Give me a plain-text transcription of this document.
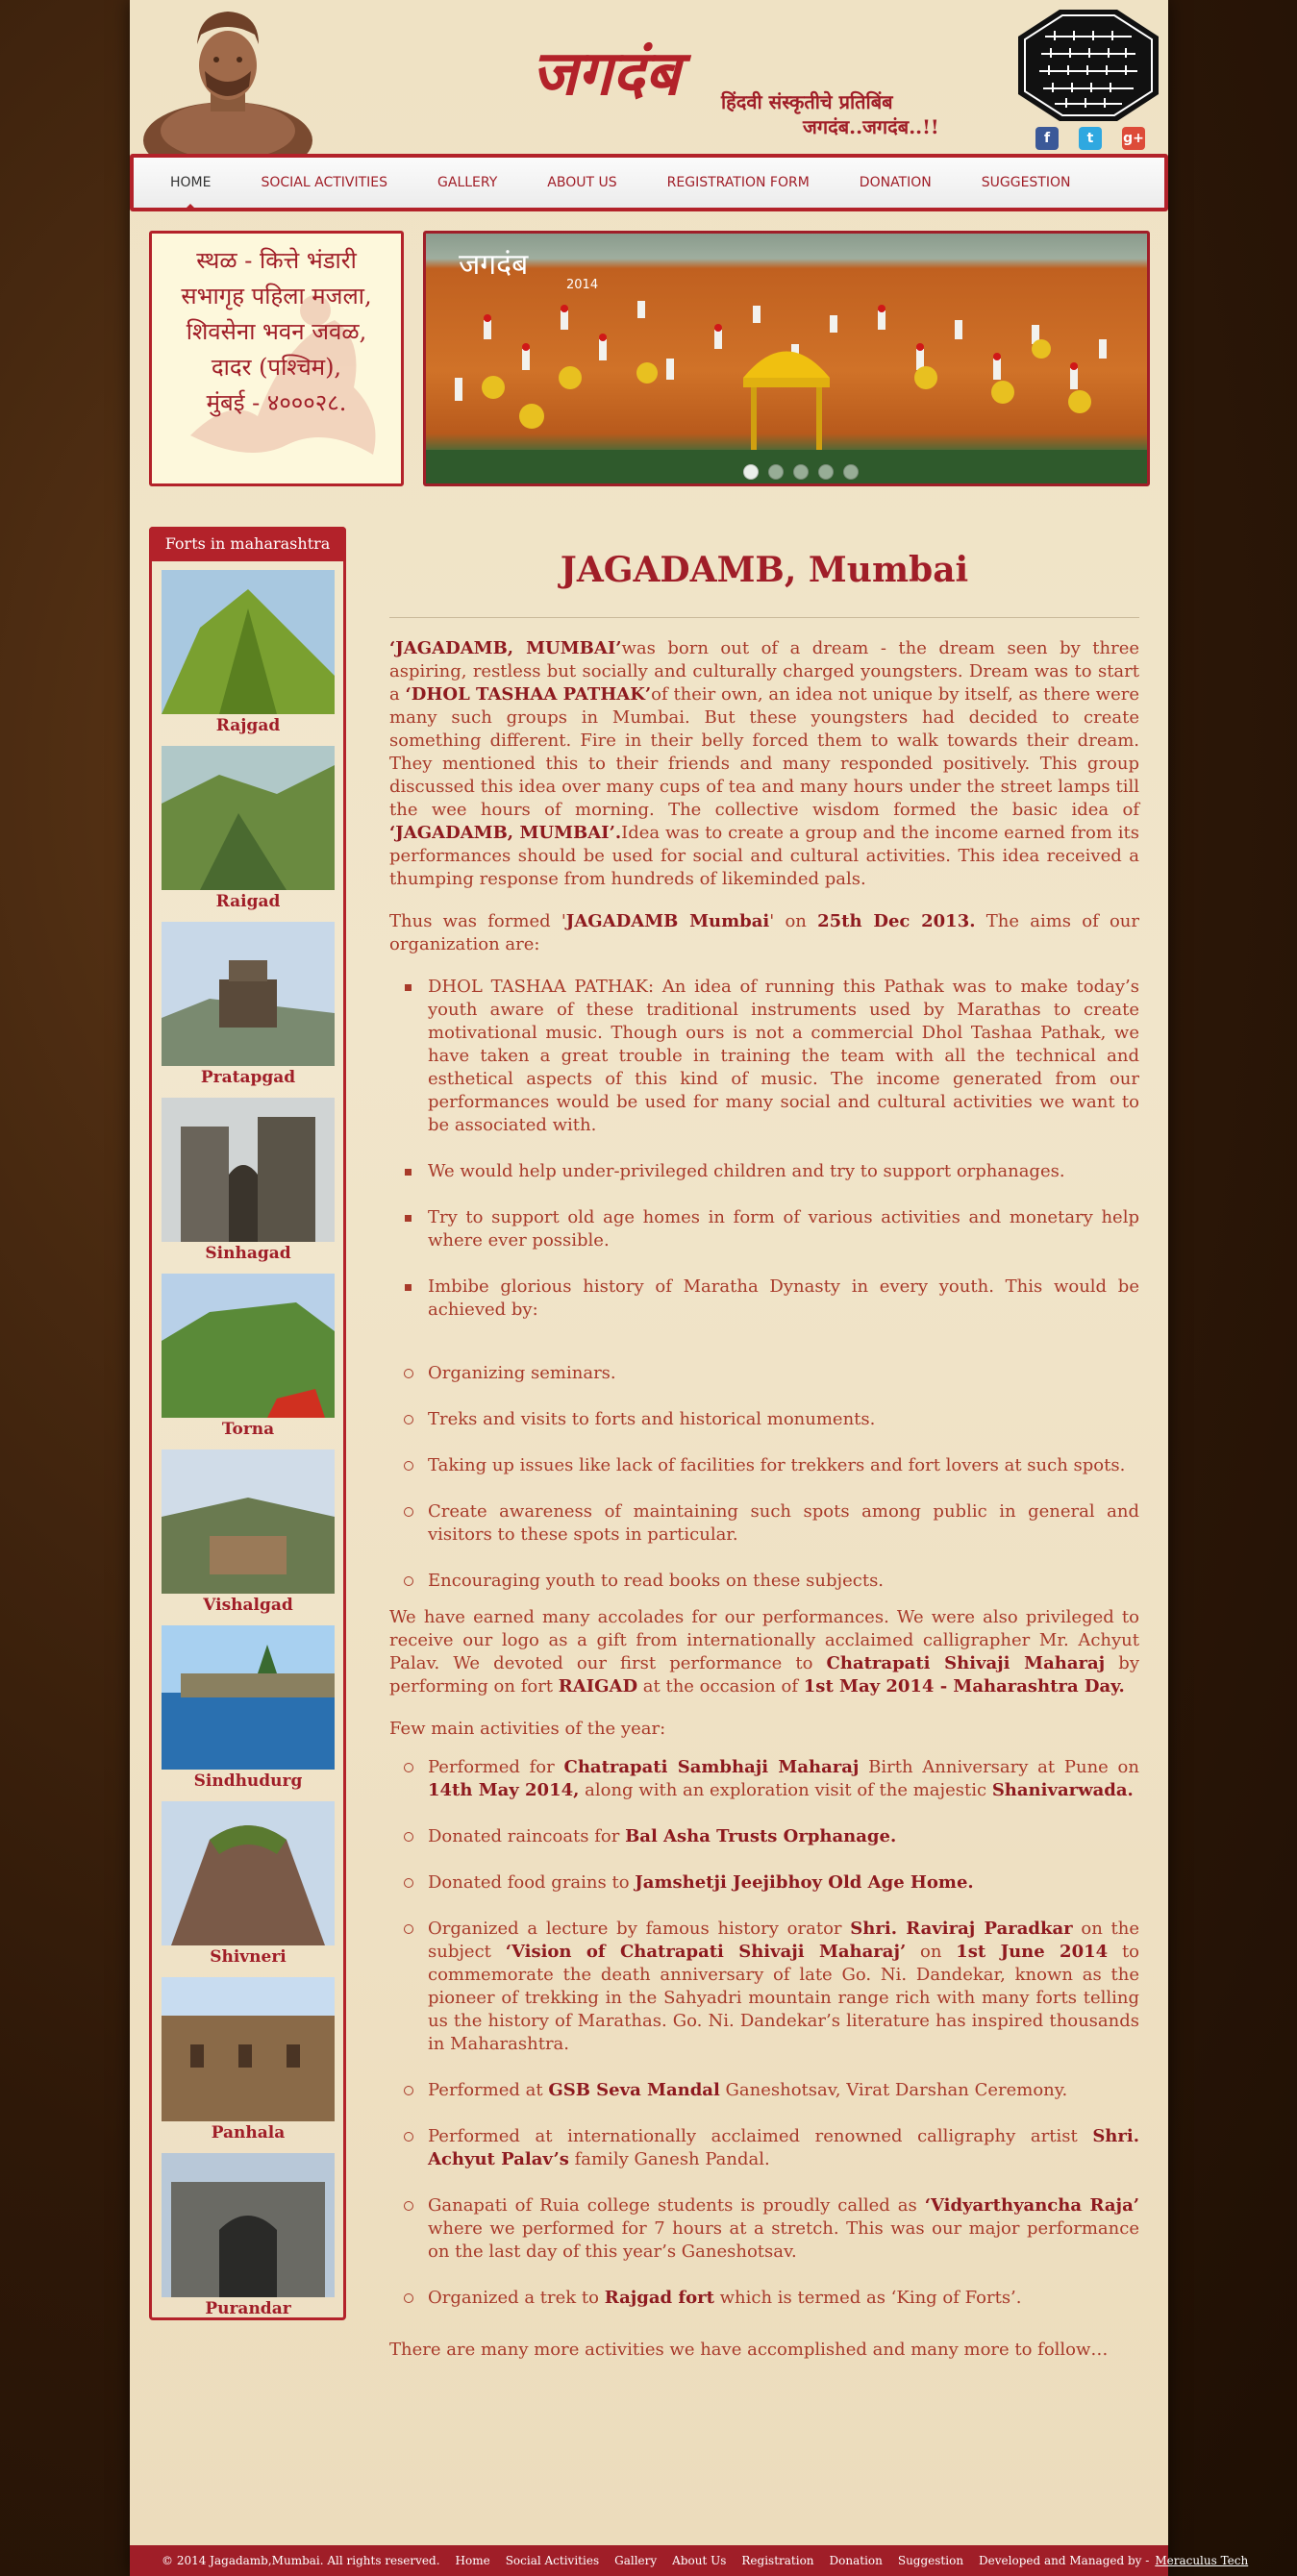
जगदंब	हिंदवी संस्कृतीचे प्रतिबिंब
जगदंब..जगदंब..!!	f	t	g+
HOME	SOCIAL ACTIVITIES	GALLERY	ABOUT US	REGISTRATION FORM	DONATION	SUGGESTION

स्थळ - कित्ते भंडारी

सभागृह पहिला मजला,

शिवसेना भवन जवळ,

दादर (पश्चिम),

मुंबई - ४०००२८.

जगदंब
2014
Forts in maharashtra
Rajgad
Raigad
Pratapgad
Sinhagad
Torna
Vishalgad
Sindhudurg
Shivneri
Panhala
Purandar
JAGADAMB, Mumbai

‘JAGADAMB, MUMBAI’was born out of a dream - the dream seen by three aspiring, restless but socially and culturally charged youngsters. Dream was to start a ‘DHOL TASHAA PATHAK’of their own, an idea not unique by itself, as there were many such groups in Mumbai. But these youngsters had decided to create something different. Fire in their belly forced them to walk towards their dream. They mentioned this to their friends and many responded positively. This group discussed this idea over many cups of tea and many hours under the street lamps till the wee hours of morning. The collective wisdom formed the basic idea of ‘JAGADAMB, MUMBAI’.Idea was to create a group and the income earned from its performances should be used for social and cultural activities. This idea received a thumping response from hundreds of likeminded pals.

Thus was formed 'JAGADAMB Mumbai' on 25th Dec 2013. The aims of our organization are:

DHOL TASHAA PATHAK: An idea of running this Pathak was to make today’s youth aware of these traditional instruments used by Marathas to create motivational music. Though ours is not a commercial Dhol Tashaa Pathak, we have taken a great trouble in training the team with all the technical and esthetical aspects of this kind of music. The income generated from our performances would be used for many social and cultural activities we want to be associated with.
We would help under-privileged children and try to support orphanages.
Try to support old age homes in form of various activities and monetary help where ever possible.
Imbibe glorious history of Maratha Dynasty in every youth. This would be achieved by:
Organizing seminars.
Treks and visits to forts and historical monuments.
Taking up issues like lack of facilities for trekkers and fort lovers at such spots.
Create awareness of maintaining such spots among public in general and visitors to these spots in particular.
Encouraging youth to read books on these subjects.

We have earned many accolades for our performances. We were also privileged to receive our logo as a gift from internationally acclaimed calligrapher Mr. Achyut Palav. We devoted our first performance to Chatrapati Shivaji Maharaj by performing on fort RAIGAD at the occasion of 1st May 2014 - Maharashtra Day.

Few main activities of the year:

Performed for Chatrapati Sambhaji Maharaj Birth Anniversary at Pune on 14th May 2014, along with an exploration visit of the majestic Shanivarwada.
Donated raincoats for Bal Asha Trusts Orphanage.
Donated food grains to Jamshetji Jeejibhoy Old Age Home.
Organized a lecture by famous history orator Shri. Raviraj Paradkar on the subject ‘Vision of Chatrapati Shivaji Maharaj’ on 1st June 2014 to commemorate the death anniversary of late Go. Ni. Dandekar, known as the pioneer of trekking in the Sahyadri mountain range rich with many forts telling us the history of Marathas. Go. Ni. Dandekar’s literature has inspired thousands in Maharashtra.
Performed at GSB Seva Mandal Ganeshotsav, Virat Darshan Ceremony.
Performed at internationally acclaimed renowned calligraphy artist Shri. Achyut Palav’s family Ganesh Pandal.
Ganapati of Ruia college students is proudly called as ‘Vidyarthyancha Raja’ where we performed for 7 hours at a stretch. This was our major performance on the last day of this year’s Ganeshotsav.
Organized a trek to Rajgad fort which is termed as ‘King of Forts’.

There are many more activities we have accomplished and many more to follow…

© 2014 Jagadamb,Mumbai. All rights reserved. Home Social Activities Gallery About Us Registration Donation Suggestion Developed and Managed by - Meraculus Tech
